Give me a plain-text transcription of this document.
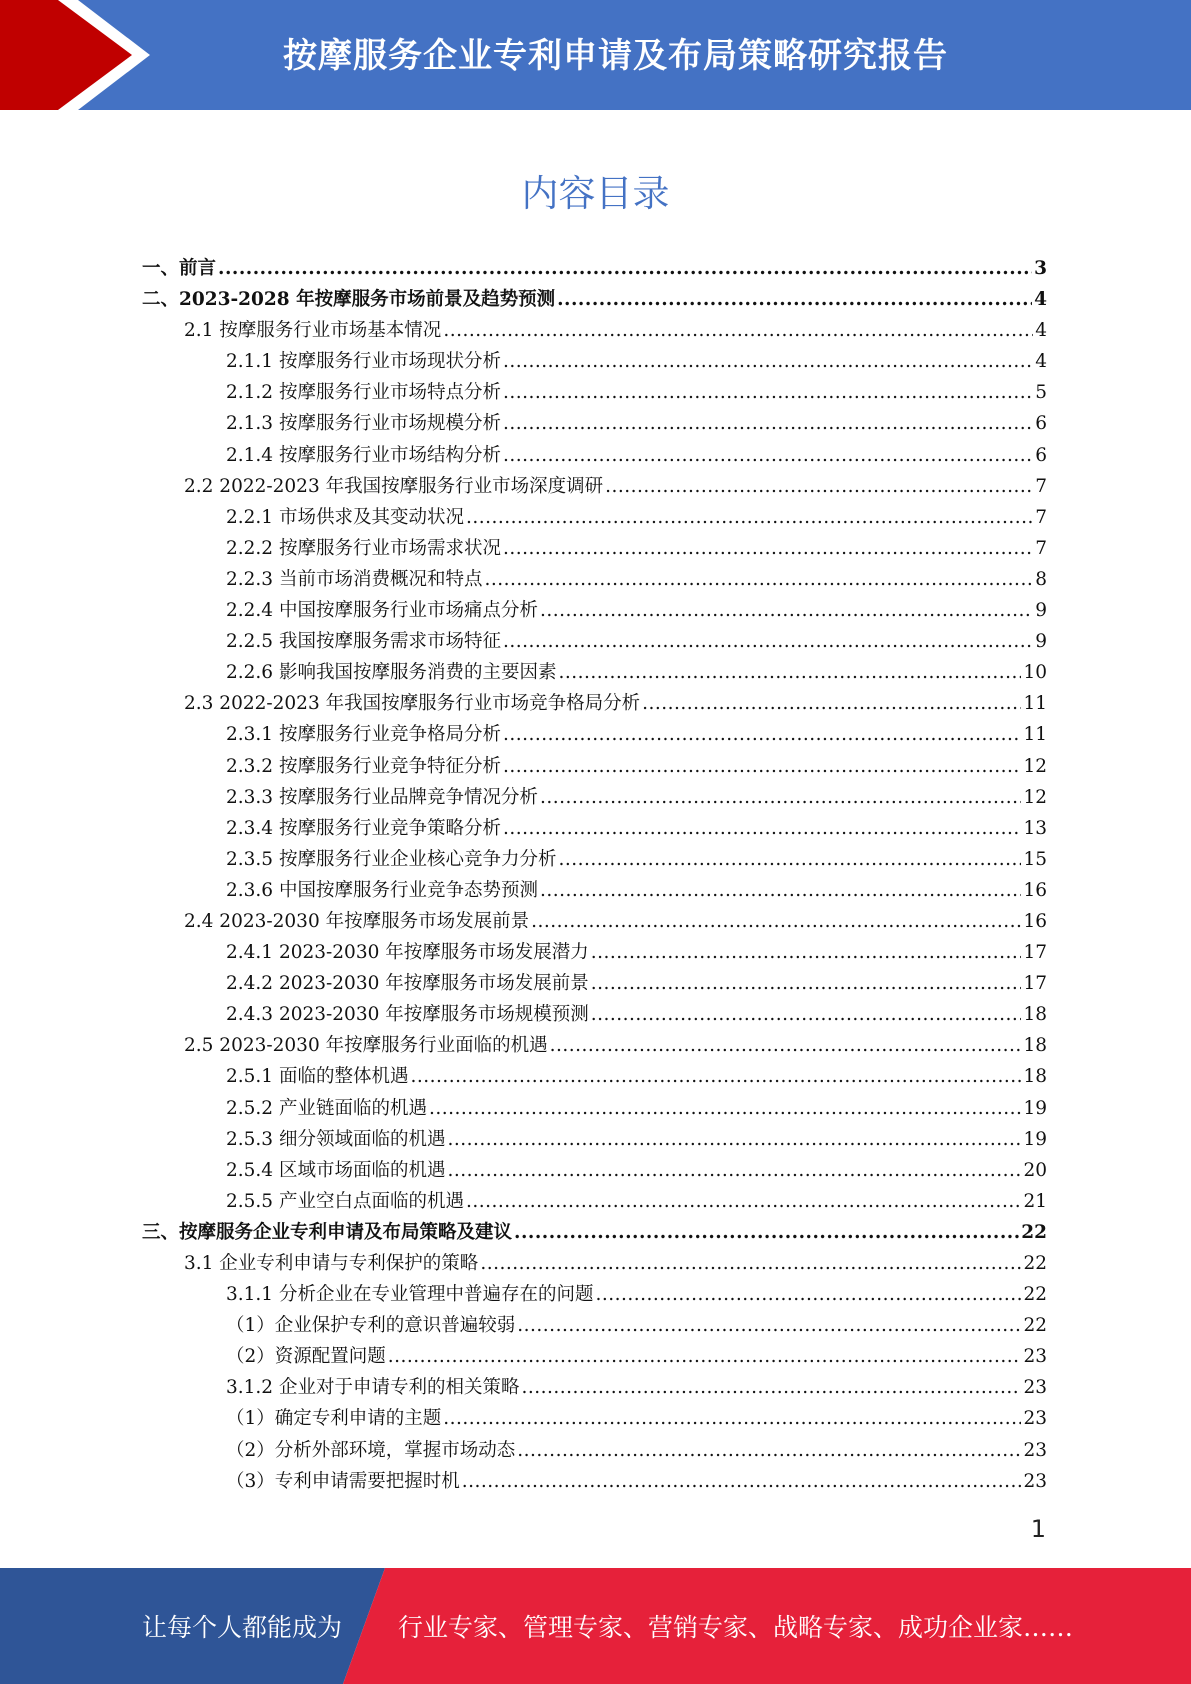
按摩服务企业专利申请及布局策略研究报告
内容目录
一、前言 .....	3
二、2023-2028 年按摩服务市场前景及趋势预测 .....	4
2.1 按摩服务行业市场基本情况 .....	4
2.1.1 按摩服务行业市场现状分析 .....	4
2.1.2 按摩服务行业市场特点分析 .....	5
2.1.3 按摩服务行业市场规模分析 .....	6
2.1.4 按摩服务行业市场结构分析 .....	6
2.2 2022-2023 年我国按摩服务行业市场深度调研 .....	7
2.2.1 市场供求及其变动状况 .....	7
2.2.2 按摩服务行业市场需求状况 .....	7
2.2.3 当前市场消费概况和特点 .....	8
2.2.4 中国按摩服务行业市场痛点分析 .....	9
2.2.5 我国按摩服务需求市场特征 .....	9
2.2.6 影响我国按摩服务消费的主要因素 .....	10
2.3 2022-2023 年我国按摩服务行业市场竞争格局分析 .....	11
2.3.1 按摩服务行业竞争格局分析 .....	11
2.3.2 按摩服务行业竞争特征分析 .....	12
2.3.3 按摩服务行业品牌竞争情况分析 .....	12
2.3.4 按摩服务行业竞争策略分析 .....	13
2.3.5 按摩服务行业企业核心竞争力分析 .....	15
2.3.6 中国按摩服务行业竞争态势预测 .....	16
2.4 2023-2030 年按摩服务市场发展前景 .....	16
2.4.1 2023-2030 年按摩服务市场发展潜力 .....	17
2.4.2 2023-2030 年按摩服务市场发展前景 .....	17
2.4.3 2023-2030 年按摩服务市场规模预测 .....	18
2.5 2023-2030 年按摩服务行业面临的机遇 .....	18
2.5.1 面临的整体机遇 .....	18
2.5.2 产业链面临的机遇 .....	19
2.5.3 细分领域面临的机遇 .....	19
2.5.4 区域市场面临的机遇 .....	20
2.5.5 产业空白点面临的机遇 .....	21
三、按摩服务企业专利申请及布局策略及建议 .....	22
3.1 企业专利申请与专利保护的策略 .....	22
3.1.1 分析企业在专业管理中普遍存在的问题 .....	22
（1）企业保护专利的意识普遍较弱 .....	22
（2）资源配置问题 .....	23
3.1.2 企业对于申请专利的相关策略 .....	23
（1）确定专利申请的主题 .....	23
（2）分析外部环境，掌握市场动态 .....	23
（3）专利申请需要把握时机 .....	23
1
让每个人都能成为 行业专家、管理专家、营销专家、战略专家、成功企业家……
